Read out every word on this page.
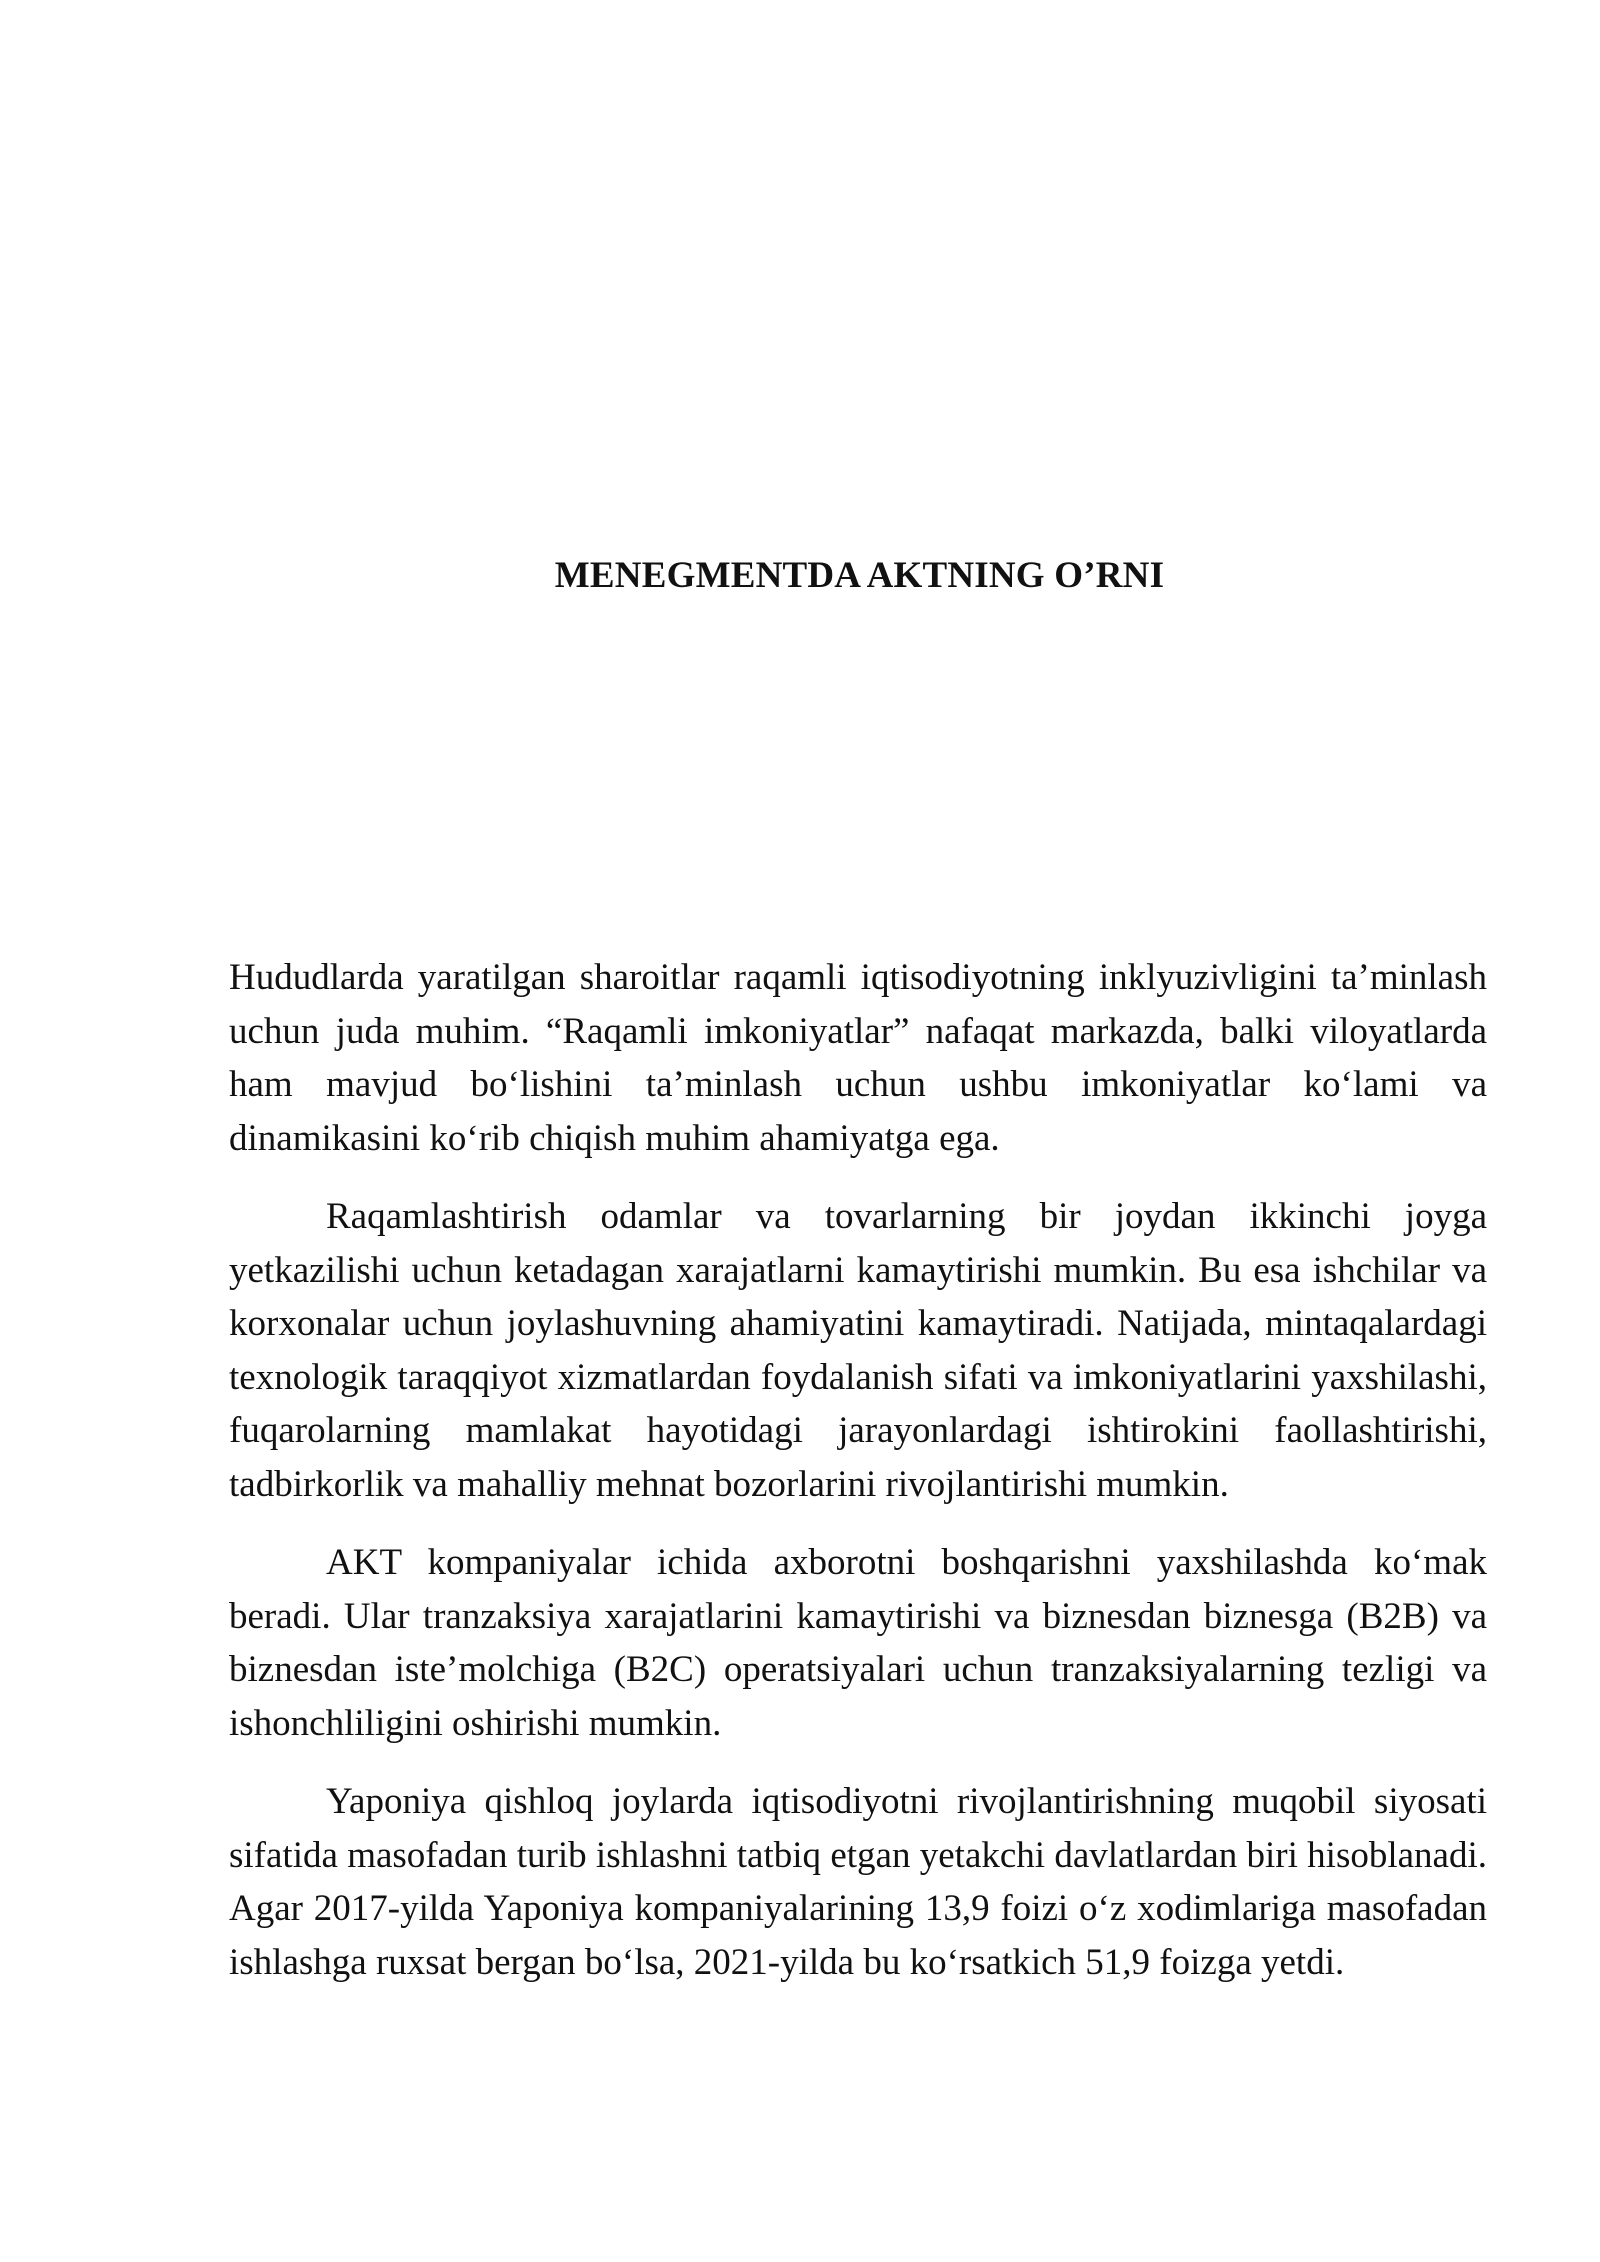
MENEGMENTDA AKTNING O’RNI

Hududlarda yaratilgan sharoitlar raqamli iqtisodiyotning inklyuzivligini ta’minlash uchun juda muhim. “Raqamli imkoniyatlar” nafaqat markazda, balki viloyatlarda ham mavjud bo‘lishini ta’minlash uchun ushbu imkoniyatlar ko‘lami va dinamikasini ko‘rib chiqish muhim ahamiyatga ega.

Raqamlashtirish odamlar va tovarlarning bir joydan ikkinchi joyga yetkazilishi uchun ketadagan xarajatlarni kamaytirishi mumkin. Bu esa ishchilar va korxonalar uchun joylashuvning ahamiyatini kamaytiradi. Natijada, mintaqalardagi texnologik taraqqiyot xizmatlardan foydalanish sifati va imkoniyatlarini yaxshilashi, fuqarolarning mamlakat hayotidagi jarayonlardagi ishtirokini faollashtirishi, tadbirkorlik va mahalliy mehnat bozorlarini rivojlantirishi mumkin.

AKT kompaniyalar ichida axborotni boshqarishni yaxshilashda ko‘mak beradi. Ular tranzaksiya xarajatlarini kamaytirishi va biznesdan biznesga (B2B) va biznesdan iste’molchiga (B2C) operatsiyalari uchun tranzaksiyalarning tezligi va ishonchliligini oshirishi mumkin.

Yaponiya qishloq joylarda iqtisodiyotni rivojlantirishning muqobil siyosati sifatida masofadan turib ishlashni tatbiq etgan yetakchi davlatlardan biri hisoblanadi. Agar 2017-yilda Yaponiya kompaniyalarining 13,9 foizi o‘z xodimlariga masofadan ishlashga ruxsat bergan bo‘lsa, 2021-yilda bu ko‘rsatkich 51,9 foizga yetdi.
